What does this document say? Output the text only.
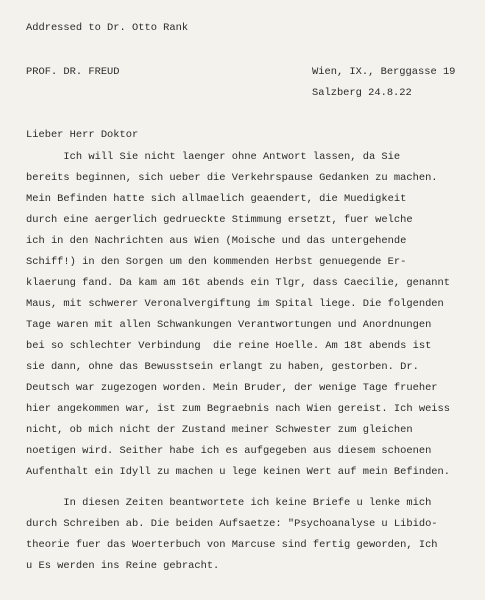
Addressed to Dr. Otto Rank
PROF. DR. FREUD	Wien, IX., Berggasse 19
Salzberg 24.8.22
Lieber Herr Doktor
Ich will Sie nicht laenger ohne Antwort lassen, da Sie
bereits beginnen, sich ueber die Verkehrspause Gedanken zu machen.
Mein Befinden hatte sich allmaelich geaendert, die Muedigkeit
durch eine aergerlich gedrueckte Stimmung ersetzt, fuer welche
ich in den Nachrichten aus Wien (Moische und das untergehende
Schiff!) in den Sorgen um den kommenden Herbst genuegende Er-
klaerung fand. Da kam am 16t abends ein Tlgr, dass Caecilie, genannt
Maus, mit schwerer Veronalvergiftung im Spital liege. Die folgenden
Tage waren mit allen Schwankungen Verantwortungen und Anordnungen
bei so schlechter Verbindung  die reine Hoelle. Am 18t abends ist
sie dann, ohne das Bewusstsein erlangt zu haben, gestorben. Dr.
Deutsch war zugezogen worden. Mein Bruder, der wenige Tage frueher
hier angekommen war, ist zum Begraebnis nach Wien gereist. Ich weiss
nicht, ob mich nicht der Zustand meiner Schwester zum gleichen
noetigen wird. Seither habe ich es aufgegeben aus diesem schoenen
Aufenthalt ein Idyll zu machen u lege keinen Wert auf mein Befinden.
In diesen Zeiten beantwortete ich keine Briefe u lenke mich
durch Schreiben ab. Die beiden Aufsaetze: "Psychoanalyse u Libido-
theorie fuer das Woerterbuch von Marcuse sind fertig geworden, Ich
u Es werden ins Reine gebracht.
